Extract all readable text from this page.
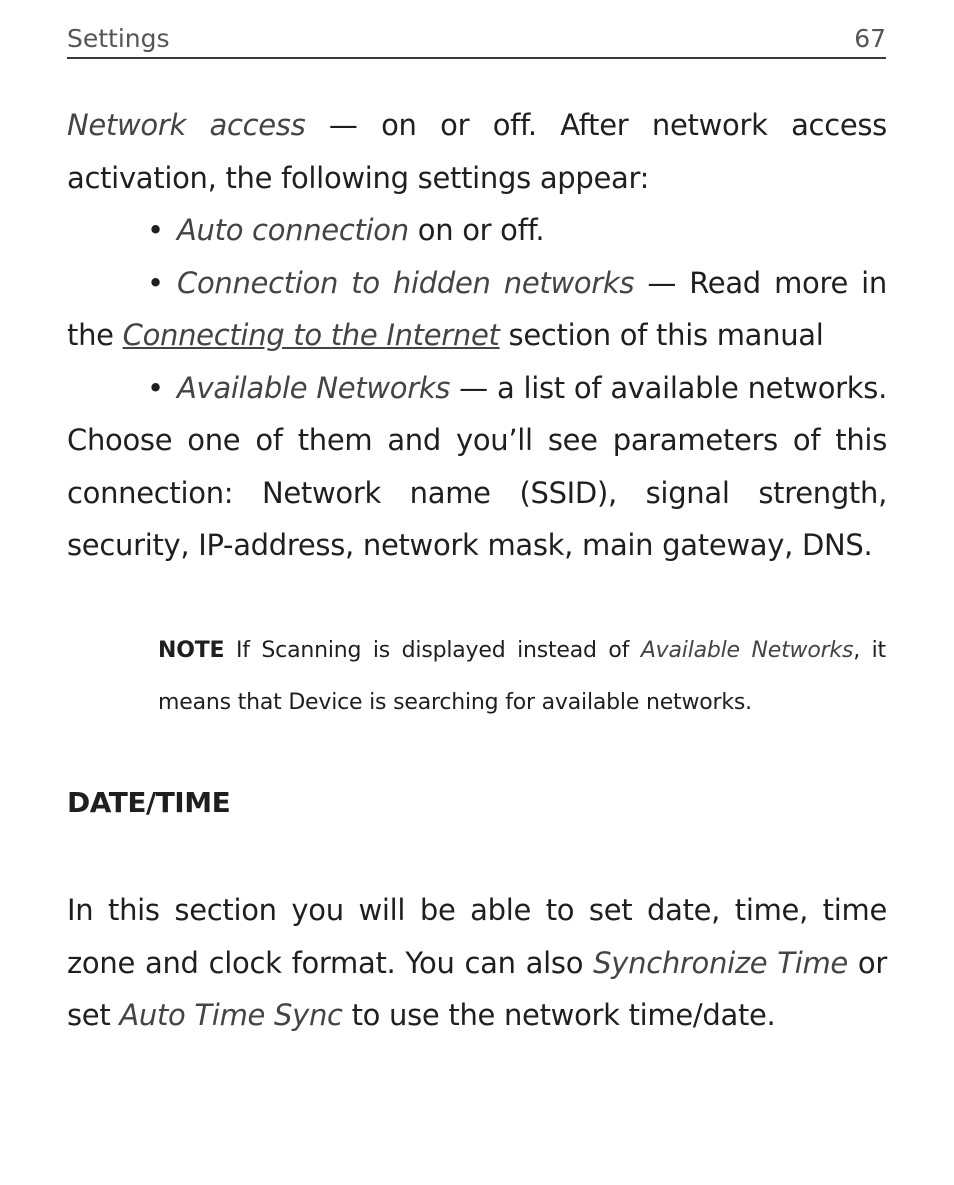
Settings	67
Network access — on or off. After network access activation, the following settings appear:
• Auto connection on or off.
• Connection to hidden networks — Read more in the Connecting to the Internet section of this manual
• Available Networks — a list of available networks. Choose one of them and you’ll see parameters of this connection: Network name (SSID), signal strength, security, IP-address, network mask, main gateway, DNS.
NOTE If Scanning is displayed instead of Available Networks, it means that Device is searching for available networks.
DATE/TIME
In this section you will be able to set date, time, time zone and clock format. You can also Synchronize Time or set Auto Time Sync to use the network time/date.
